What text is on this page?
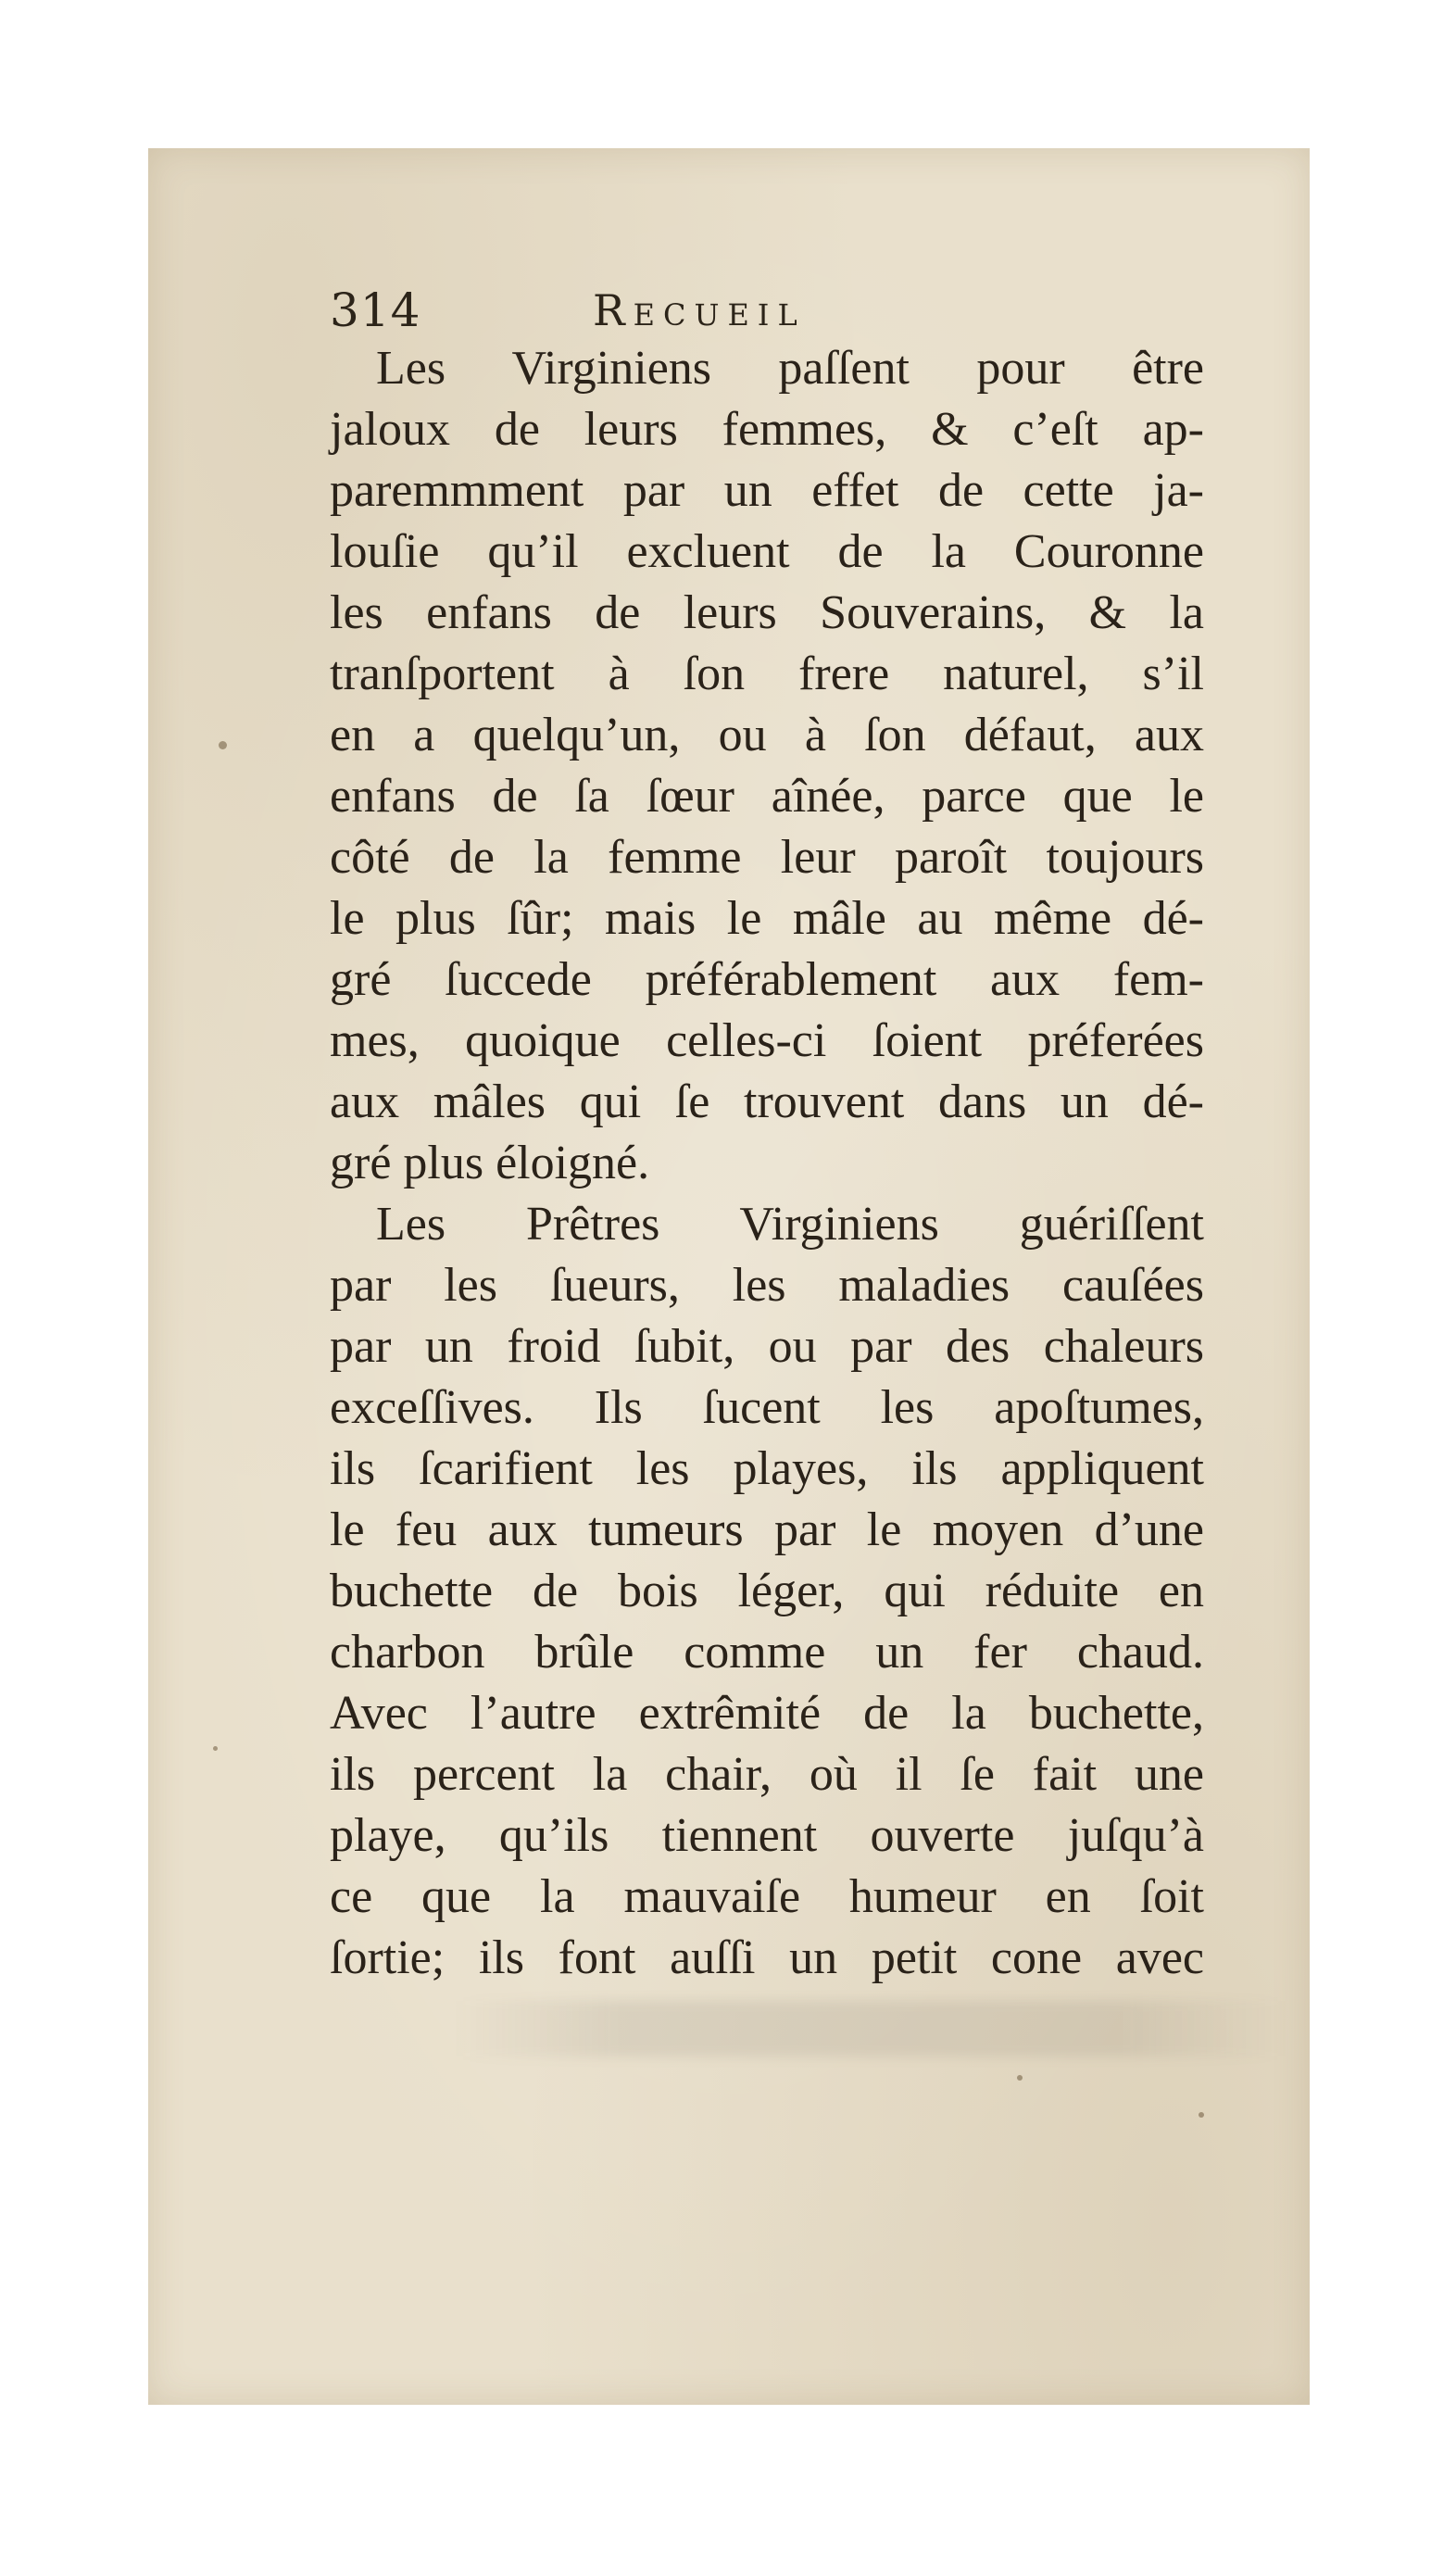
314	Recueil
Les Virginiens paſſent pour être
jaloux de leurs femmes, & c’eſt ap-
paremmment par un effet de cette ja-
louſie qu’il excluent de la Couronne
les enfans de leurs Souverains, & la
tranſportent à ſon frere naturel, s’il
en a quelqu’un, ou à ſon défaut, aux
enfans de ſa ſœur aînée, parce que le
côté de la femme leur paroît toujours
le plus ſûr; mais le mâle au même dé-
gré ſuccede préférablement aux fem-
mes, quoique celles-ci ſoient préferées
aux mâles qui ſe trouvent dans un dé-
gré plus éloigné.
Les Prêtres Virginiens guériſſent
par les ſueurs, les maladies cauſées
par un froid ſubit, ou par des chaleurs
exceſſives. Ils ſucent les apoſtumes,
ils ſcarifient les playes, ils appliquent
le feu aux tumeurs par le moyen d’une
buchette de bois léger, qui réduite en
charbon brûle comme un fer chaud.
Avec l’autre extrêmité de la buchette,
ils percent la chair, où il ſe fait une
playe, qu’ils tiennent ouverte juſqu’à
ce que la mauvaiſe humeur en ſoit
ſortie; ils font auſſi un petit cone avec
